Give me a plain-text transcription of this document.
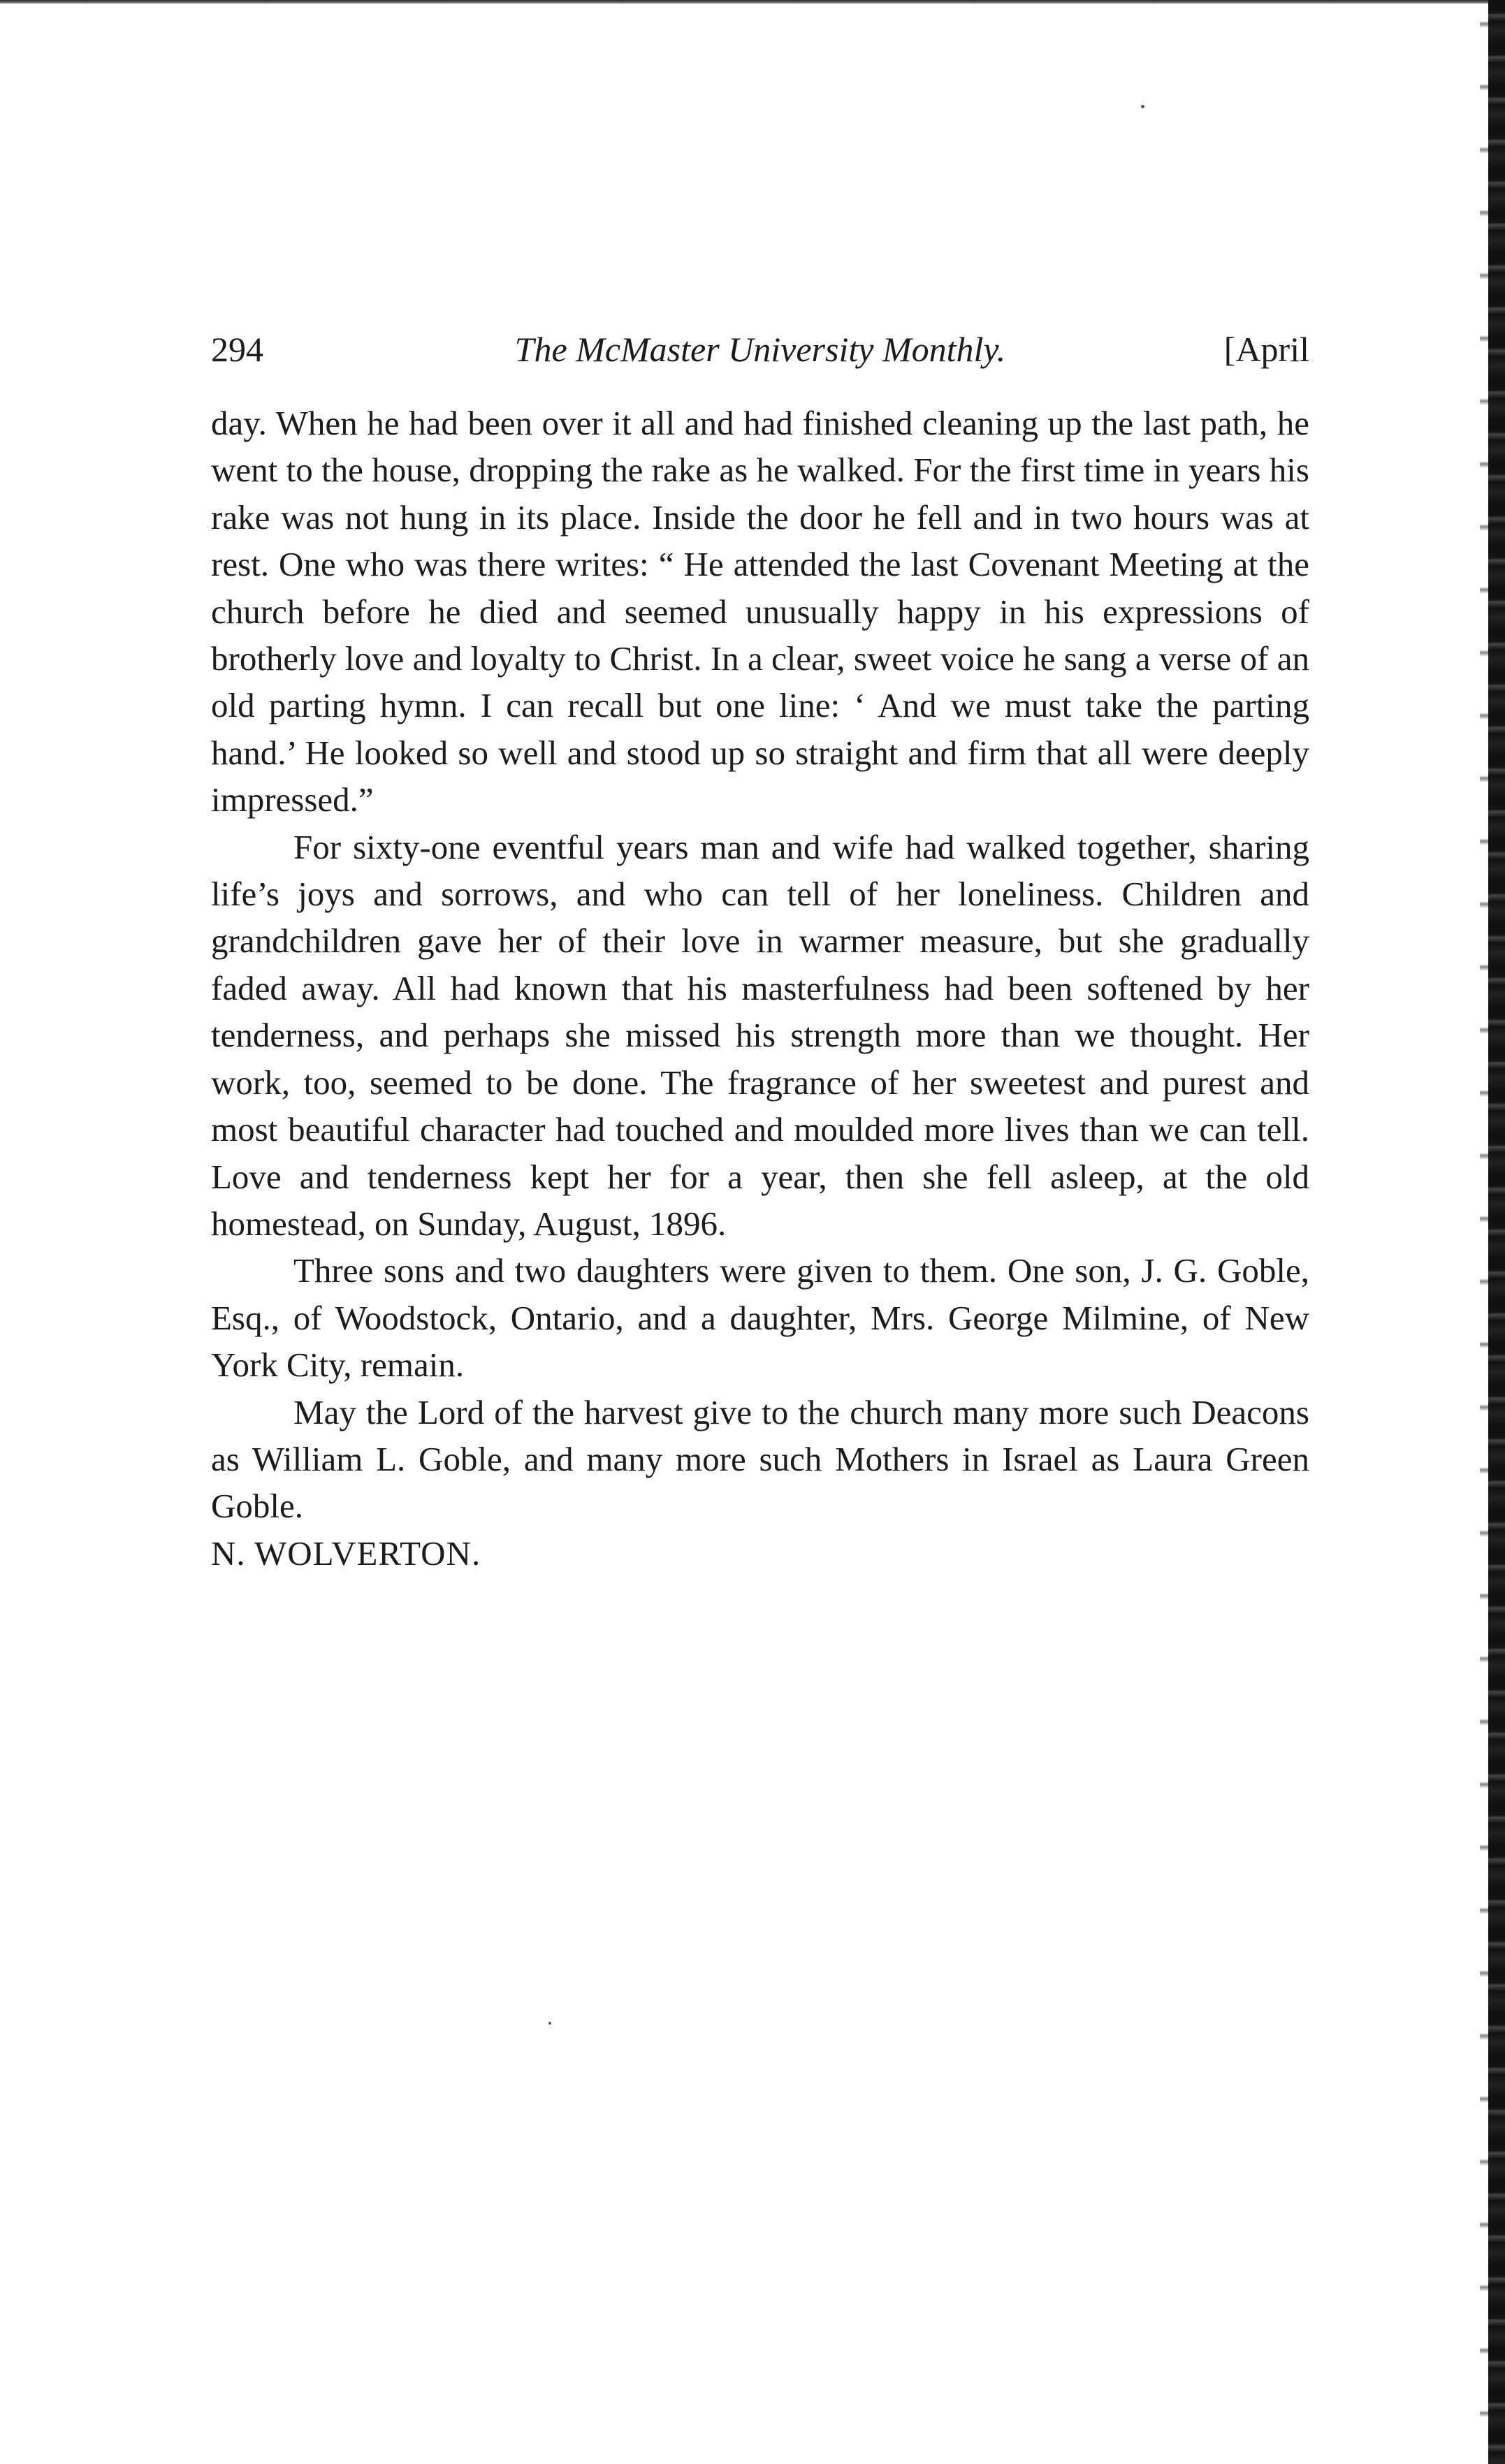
294	The McMaster University Monthly.	[April

day. When he had been over it all and had finished cleaning up the last path, he went to the house, dropping the rake as he walked. For the first time in years his rake was not hung in its place. Inside the door he fell and in two hours was at rest. One who was there writes: “ He attended the last Covenant Meeting at the church before he died and seemed unusually happy in his expressions of brotherly love and loyalty to Christ. In a clear, sweet voice he sang a verse of an old parting hymn. I can recall but one line: ‘ And we must take the parting hand.’ He looked so well and stood up so straight and firm that all were deeply impressed.”

For sixty-one eventful years man and wife had walked together, sharing life’s joys and sorrows, and who can tell of her loneliness. Children and grandchildren gave her of their love in warmer measure, but she gradually faded away. All had known that his masterfulness had been softened by her tenderness, and perhaps she missed his strength more than we thought. Her work, too, seemed to be done. The fragrance of her sweetest and purest and most beautiful character had touched and moulded more lives than we can tell. Love and tenderness kept her for a year, then she fell asleep, at the old homestead, on Sunday, August, 1896.

Three sons and two daughters were given to them. One son, J. G. Goble, Esq., of Woodstock, Ontario, and a daughter, Mrs. George Milmine, of New York City, remain.

May the Lord of the harvest give to the church many more such Deacons as William L. Goble, and many more such Mothers in Israel as Laura Green Goble.

N. WOLVERTON.
